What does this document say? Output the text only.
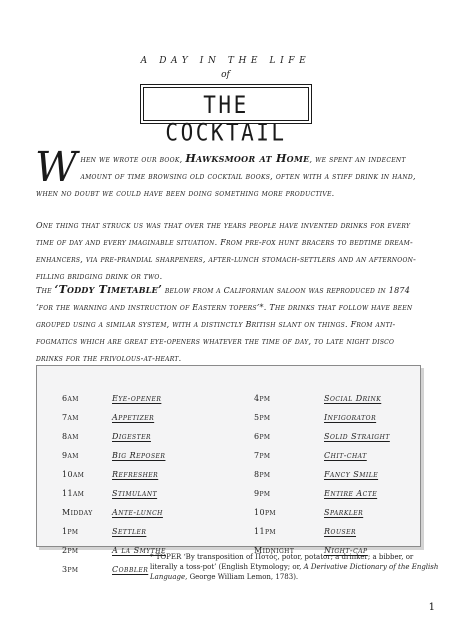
A DAY IN THE LIFE
of
THE COCKTAIL
When we wrote our book, Hawksmoor at Home, we spent an indecent amount of time browsing old cocktail books, often with a stiff drink in hand, when no doubt we could have been doing something more productive.
One thing that struck us was that over the years people have invented drinks for every time of day and every imaginable situation. From pre-fox hunt bracers to bedtime dream-enhancers, via pre-prandial sharpeners, after-lunch stomach-settlers and an afternoon-filling bridging drink or two.
The ‘Toddy Timetable’ below from a Californian saloon was reproduced in 1874 ‘for the warning and instruction of Eastern topers’*. The drinks that follow have been grouped using a similar system, with a distinctly British slant on things. From anti-fogmatics which are great eye-openers whatever the time of day, to late night disco drinks for the frivolous-at-heart.
6am	Eye-opener
7am	Appetizer
8am	Digester
9am	Big Reposer
10am	Refresher
11am	Stimulant
Midday	Ante-lunch
1pm	Settler
2pm	A la Smythe
3pm	Cobbler
4pm	Social Drink
5pm	Infigorator
6pm	Solid Straight
7pm	Chit-chat
8pm	Fancy Smile
9pm	Entire Acte
10pm	Sparkler
11pm	Rouser
Midnight	Night-cap
* TOPER ‘By transposition of Ποτός, potor, potator; a drinker; a bibber, or literally a toss-pot’ (English Etymology; or, A Derivative Dictionary of the English Language, George William Lemon, 1783).
1
